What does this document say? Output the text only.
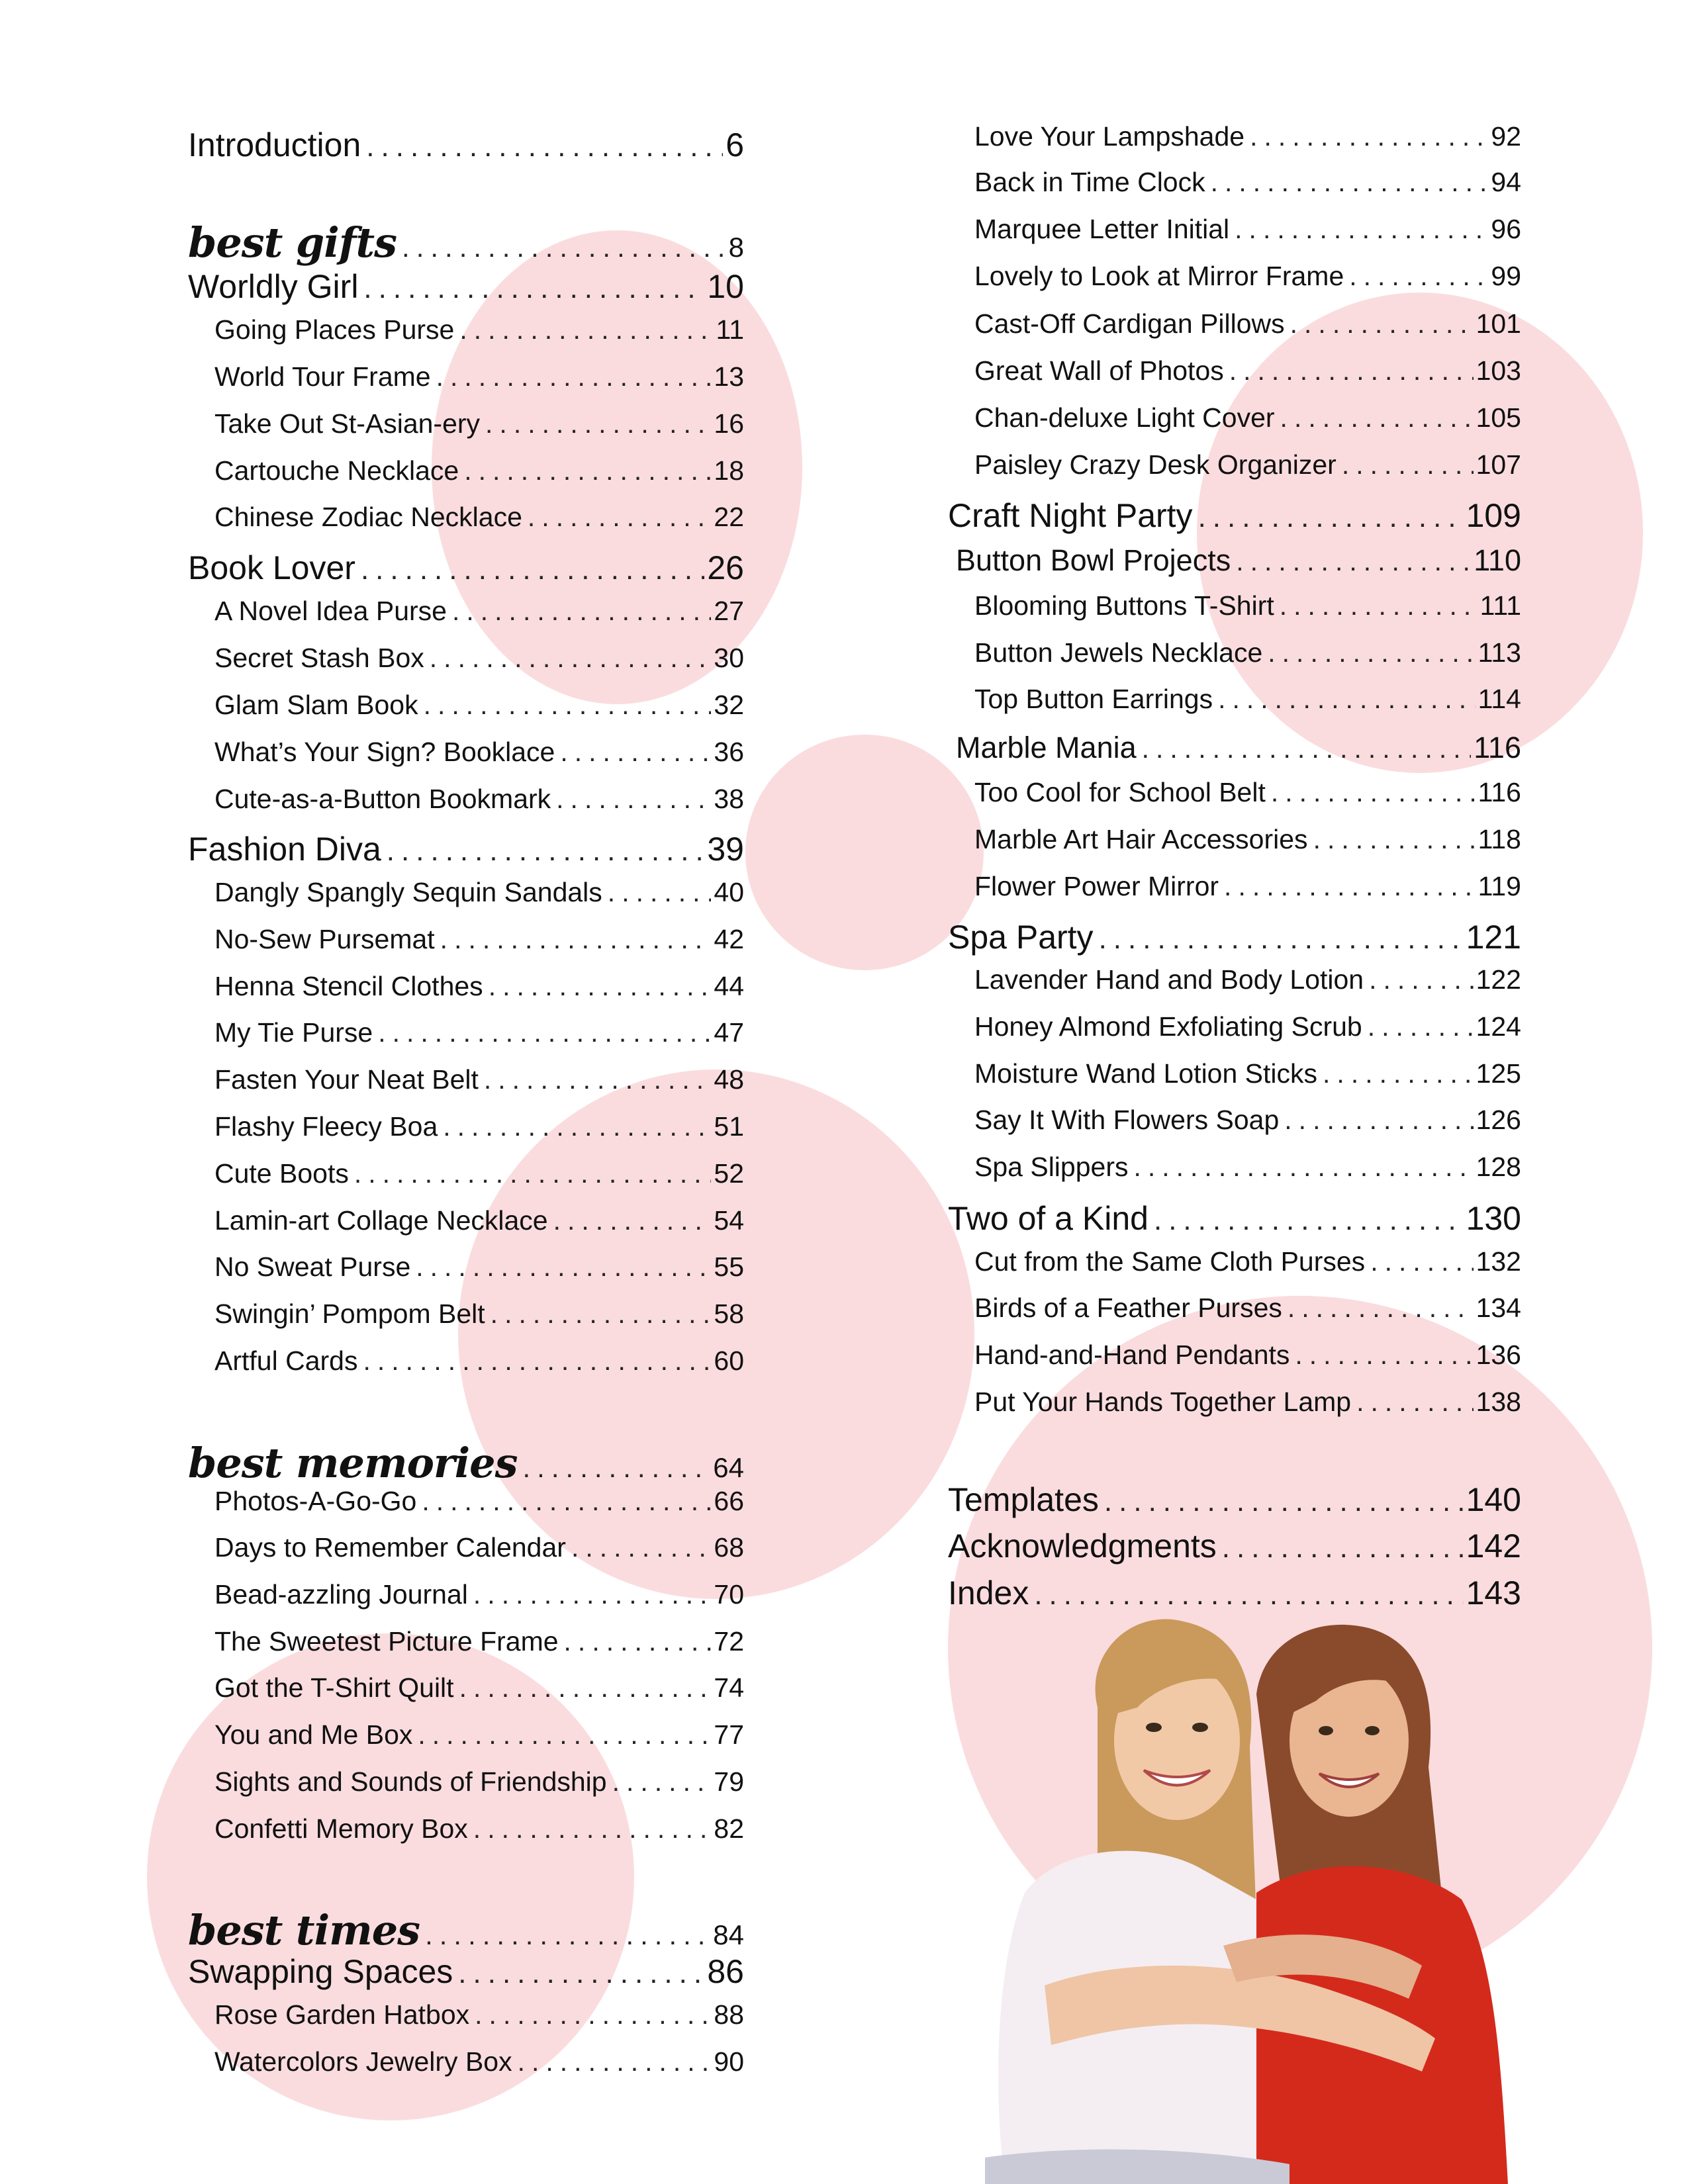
Introduction .....	6
best gifts .....	8
Worldly Girl .....	10
Going Places Purse .....	11
World Tour Frame .....	13
Take Out St-Asian-ery .....	16
Cartouche Necklace .....	18
Chinese Zodiac Necklace .....	22
Book Lover .....	26
A Novel Idea Purse .....	27
Secret Stash Box .....	30
Glam Slam Book .....	32
What’s Your Sign? Booklace .....	36
Cute-as-a-Button Bookmark .....	38
Fashion Diva .....	39
Dangly Spangly Sequin Sandals .....	40
No-Sew Pursemat .....	42
Henna Stencil Clothes .....	44
My Tie Purse .....	47
Fasten Your Neat Belt .....	48
Flashy Fleecy Boa .....	51
Cute Boots .....	52
Lamin-art Collage Necklace .....	54
No Sweat Purse .....	55
Swingin’ Pompom Belt .....	58
Artful Cards .....	60
best memories .....	64
Photos-A-Go-Go .....	66
Days to Remember Calendar .....	68
Bead-azzling Journal .....	70
The Sweetest Picture Frame .....	72
Got the T-Shirt Quilt .....	74
You and Me Box .....	77
Sights and Sounds of Friendship .....	79
Confetti Memory Box .....	82
best times .....	84
Swapping Spaces .....	86
Rose Garden Hatbox .....	88
Watercolors Jewelry Box .....	90
Love Your Lampshade .....	92
Back in Time Clock .....	94
Marquee Letter Initial .....	96
Lovely to Look at Mirror Frame .....	99
Cast-Off Cardigan Pillows .....	101
Great Wall of Photos .....	103
Chan-deluxe Light Cover .....	105
Paisley Crazy Desk Organizer .....	107
Craft Night Party .....	109
Button Bowl Projects .....	110
Blooming Buttons T-Shirt .....	111
Button Jewels Necklace .....	113
Top Button Earrings .....	114
Marble Mania .....	116
Too Cool for School Belt .....	116
Marble Art Hair Accessories .....	118
Flower Power Mirror .....	119
Spa Party .....	121
Lavender Hand and Body Lotion .....	122
Honey Almond Exfoliating Scrub .....	124
Moisture Wand Lotion Sticks .....	125
Say It With Flowers Soap .....	126
Spa Slippers .....	128
Two of a Kind .....	130
Cut from the Same Cloth Purses .....	132
Birds of a Feather Purses .....	134
Hand-and-Hand Pendants .....	136
Put Your Hands Together Lamp .....	138
Templates .....	140
Acknowledgments .....	142
Index .....	143
